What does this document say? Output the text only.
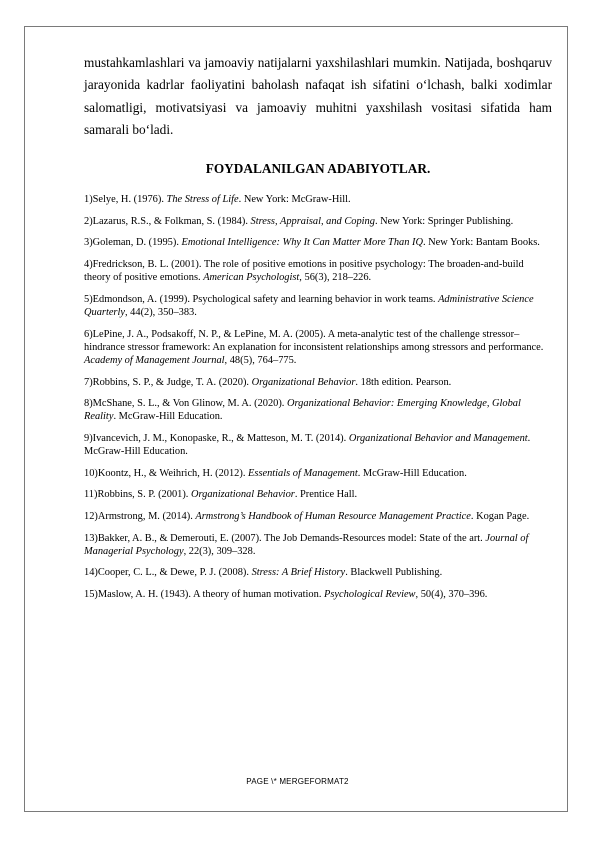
mustahkamlashlari va jamoaviy natijalarni yaxshilashlari mumkin. Natijada, boshqaruv jarayonida kadrlar faoliyatini baholash nafaqat ish sifatini o‘lchash, balki xodimlar salomatligi, motivatsiyasi va jamoaviy muhitni yaxshilash vositasi sifatida ham samarali bo‘ladi.

FOYDALANILGAN ADABIYOTLAR.
1)Selye, H. (1976). The Stress of Life. New York: McGraw-Hill.
2)Lazarus, R.S., & Folkman, S. (1984). Stress, Appraisal, and Coping. New York: Springer Publishing.
3)Goleman, D. (1995). Emotional Intelligence: Why It Can Matter More Than IQ. New York: Bantam Books.
4)Fredrickson, B. L. (2001). The role of positive emotions in positive psychology: The broaden-and-build theory of positive emotions. American Psychologist, 56(3), 218–226.
5)Edmondson, A. (1999). Psychological safety and learning behavior in work teams. Administrative Science Quarterly, 44(2), 350–383.
6)LePine, J. A., Podsakoff, N. P., & LePine, M. A. (2005). A meta-analytic test of the challenge stressor–hindrance stressor framework: An explanation for inconsistent relationships among stressors and performance. Academy of Management Journal, 48(5), 764–775.
7)Robbins, S. P., & Judge, T. A. (2020). Organizational Behavior. 18th edition. Pearson.
8)McShane, S. L., & Von Glinow, M. A. (2020). Organizational Behavior: Emerging Knowledge, Global Reality. McGraw-Hill Education.
9)Ivancevich, J. M., Konopaske, R., & Matteson, M. T. (2014). Organizational Behavior and Management. McGraw-Hill Education.
10)Koontz, H., & Weihrich, H. (2012). Essentials of Management. McGraw-Hill Education.
11)Robbins, S. P. (2001). Organizational Behavior. Prentice Hall.
12)Armstrong, M. (2014). Armstrong’s Handbook of Human Resource Management Practice. Kogan Page.
13)Bakker, A. B., & Demerouti, E. (2007). The Job Demands-Resources model: State of the art. Journal of Managerial Psychology, 22(3), 309–328.
14)Cooper, C. L., & Dewe, P. J. (2008). Stress: A Brief History. Blackwell Publishing.
15)Maslow, A. H. (1943). A theory of human motivation. Psychological Review, 50(4), 370–396.
PAGE \* MERGEFORMAT2
